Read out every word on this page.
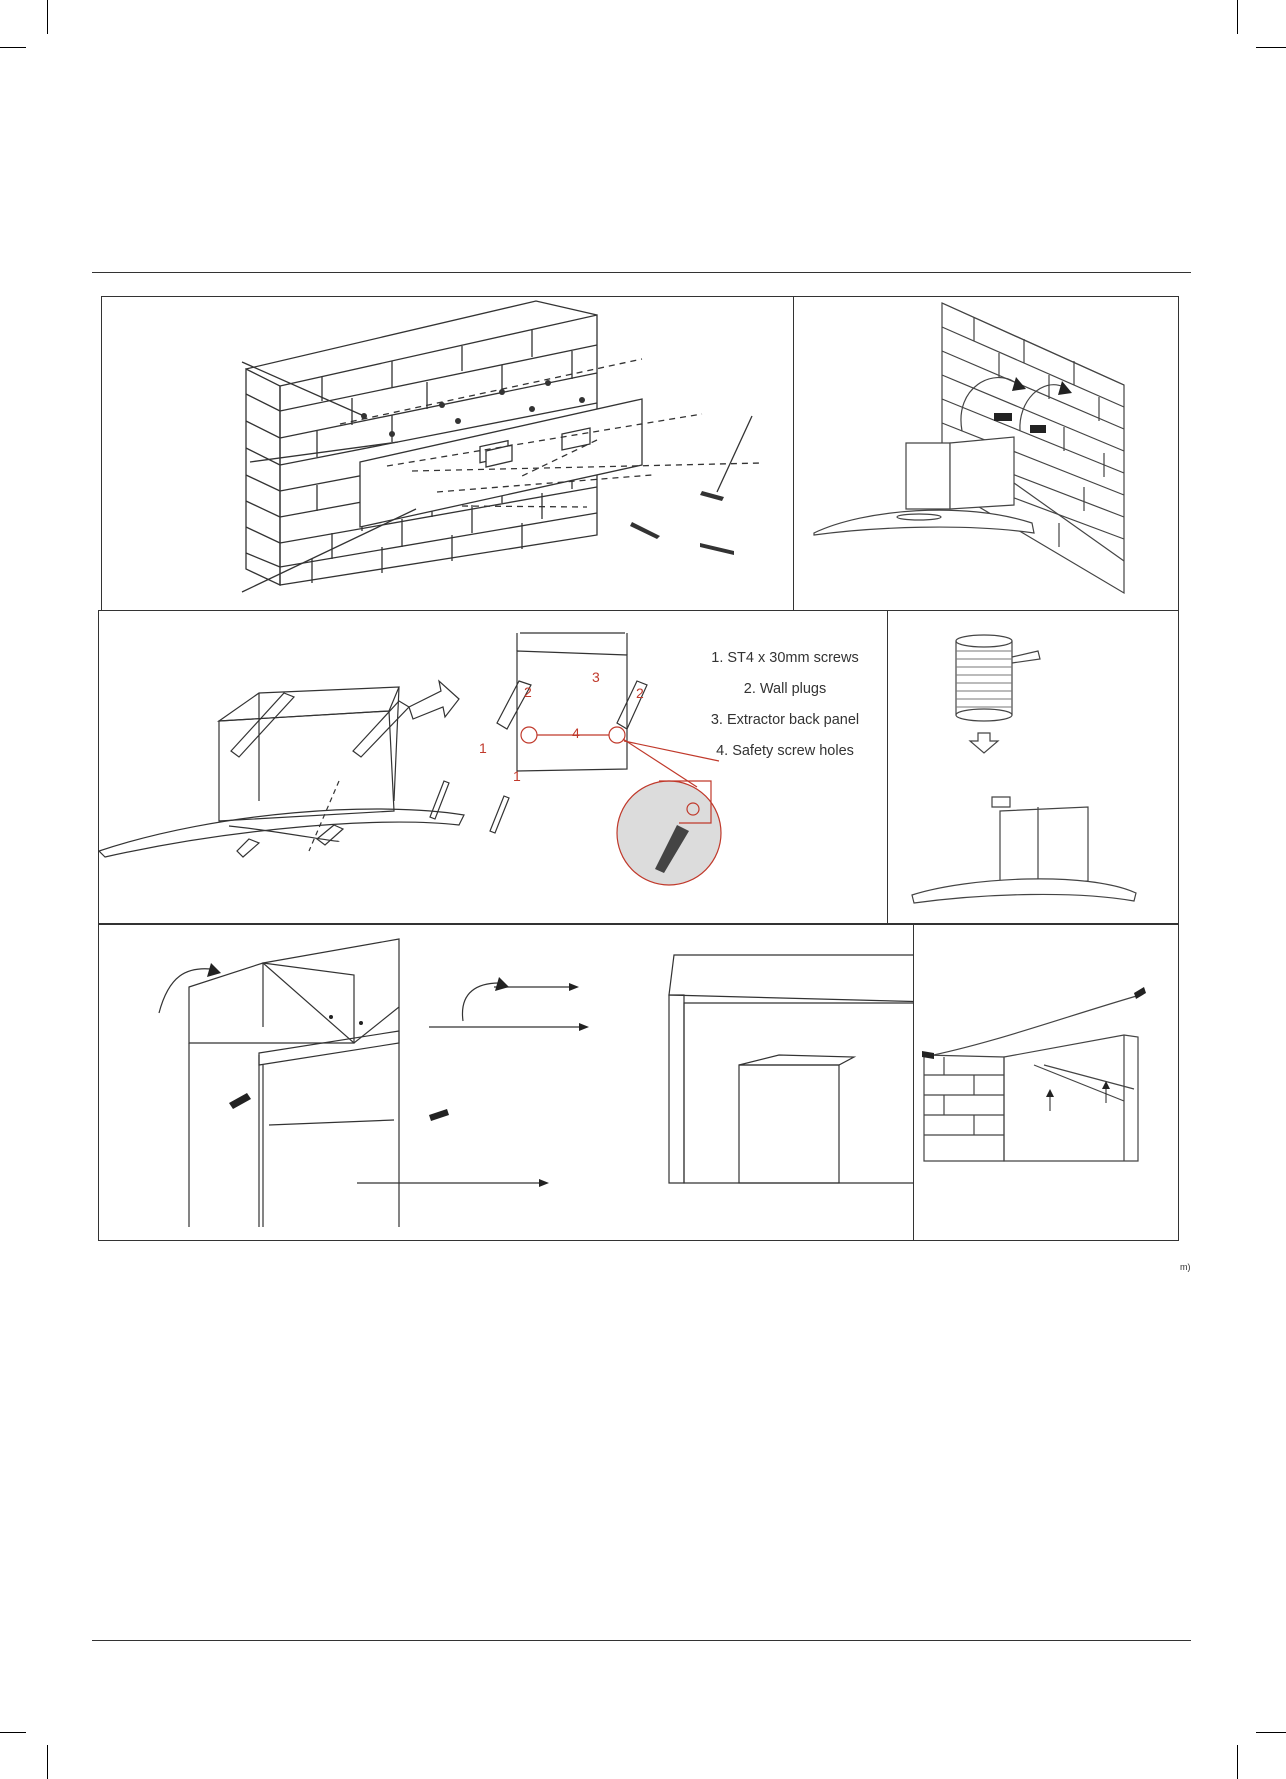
1
1
2	2
3
4
1. ST4 x 30mm screws
2. Wall plugs
3. Extractor back panel
4. Safety screw holes
m)
